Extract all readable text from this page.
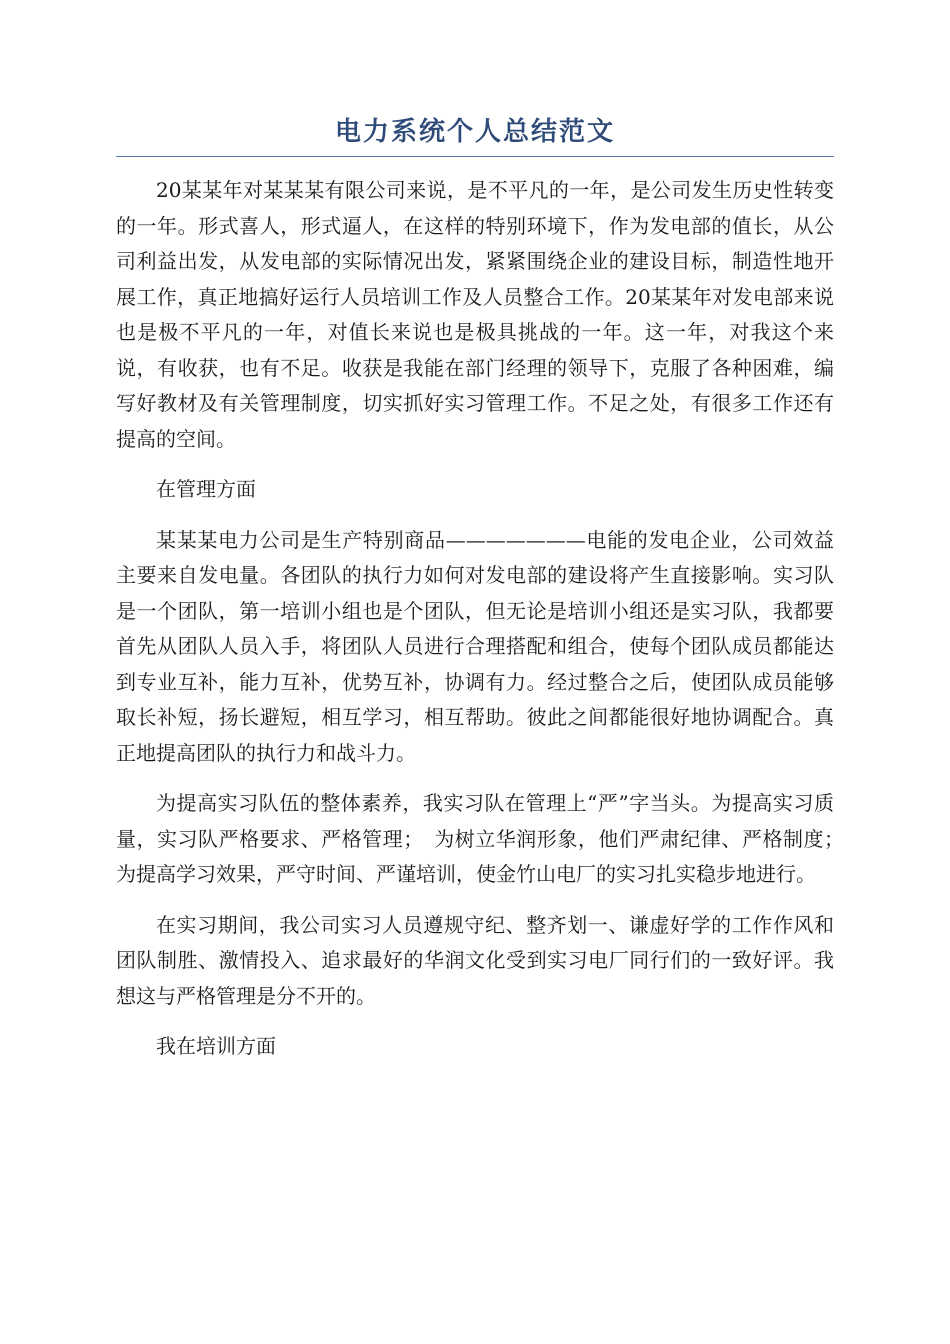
电力系统个人总结范文

20某某年对某某某有限公司来说，是不平凡的一年，是公司发生历史性转变的一年。形式喜人，形式逼人，在这样的特别环境下，作为发电部的值长，从公司利益出发，从发电部的实际情况出发，紧紧围绕企业的建设目标，制造性地开展工作，真正地搞好运行人员培训工作及人员整合工作。20某某年对发电部来说也是极不平凡的一年，对值长来说也是极具挑战的一年。这一年，对我这个来说，有收获，也有不足。收获是我能在部门经理的领导下，克服了各种困难，编写好教材及有关管理制度，切实抓好实习管理工作。不足之处，有很多工作还有提高的空间。

在管理方面

某某某电力公司是生产特别商品———————电能的发电企业，公司效益主要来自发电量。各团队的执行力如何对发电部的建设将产生直接影响。实习队是一个团队，第一培训小组也是个团队，但无论是培训小组还是实习队，我都要首先从团队人员入手，将团队人员进行合理搭配和组合，使每个团队成员都能达到专业互补，能力互补，优势互补，协调有力。经过整合之后，使团队成员能够取长补短，扬长避短，相互学习，相互帮助。彼此之间都能很好地协调配合。真正地提高团队的执行力和战斗力。

为提高实习队伍的整体素养，我实习队在管理上“严”字当头。为提高实习质量，实习队严格要求、严格管理；　为树立华润形象，他们严肃纪律、严格制度；　为提高学习效果，严守时间、严谨培训，使金竹山电厂的实习扎实稳步地进行。

在实习期间，我公司实习人员遵规守纪、整齐划一、谦虚好学的工作作风和团队制胜、激情投入、追求最好的华润文化受到实习电厂同行们的一致好评。我想这与严格管理是分不开的。

我在培训方面
